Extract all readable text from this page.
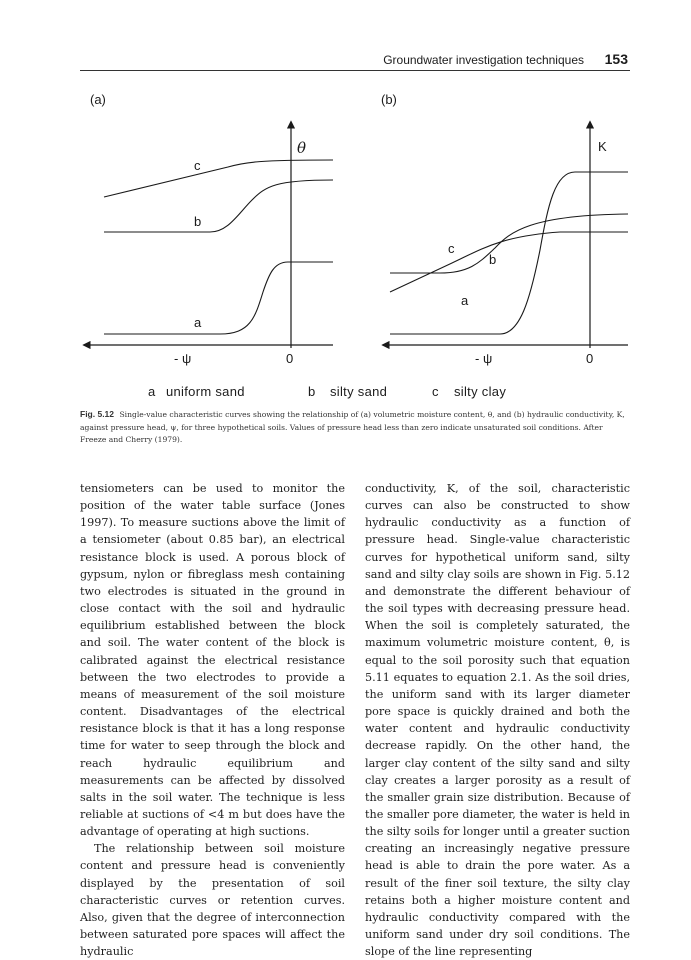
Groundwater investigation techniques 153
(a)	(b)
θ
- ψ	0
K
- ψ	0
c
b
a
c
b
a
a uniform sand	b silty sand	c silty clay
Fig. 5.12 Single-value characteristic curves showing the relationship of (a) volumetric moisture content, θ, and (b) hydraulic conductivity, K, against pressure head, ψ, for three hypothetical soils. Values of pressure head less than zero indicate unsaturated soil conditions. After Freeze and Cherry (1979).

tensiometers can be used to monitor the position of the water table surface (Jones 1997). To measure suctions above the limit of a tensiometer (about 0.85 bar), an electrical resistance block is used. A porous block of gypsum, nylon or fibreglass mesh containing two electrodes is situated in the ground in close contact with the soil and hydraulic equilibrium established between the block and soil. The water content of the block is calibrated against the electrical resistance between the two electrodes to provide a means of measurement of the soil moisture content. Disadvantages of the electrical resistance block is that it has a long response time for water to seep through the block and reach hydraulic equilibrium and measurements can be affected by dissolved salts in the soil water. The technique is less reliable at suctions of <4 m but does have the advantage of operating at high suctions.

The relationship between soil moisture content and pressure head is conveniently displayed by the presentation of soil characteristic curves or retention curves. Also, given that the degree of interconnection between saturated pore spaces will affect the hydraulic

conductivity, K, of the soil, characteristic curves can also be constructed to show hydraulic conductivity as a function of pressure head. Single-value characteristic curves for hypothetical uniform sand, silty sand and silty clay soils are shown in Fig. 5.12 and demonstrate the different behaviour of the soil types with decreasing pressure head. When the soil is completely saturated, the maximum volumetric moisture content, θ, is equal to the soil porosity such that equation 5.11 equates to equation 2.1. As the soil dries, the uniform sand with its larger diameter pore space is quickly drained and both the water content and hydraulic conductivity decrease rapidly. On the other hand, the larger clay content of the silty sand and silty clay creates a larger porosity as a result of the smaller grain size distribution. Because of the smaller pore diameter, the water is held in the silty soils for longer until a greater suction creating an increasingly negative pressure head is able to drain the pore water. As a result of the finer soil texture, the silty clay retains both a higher moisture content and hydraulic conductivity compared with the uniform sand under dry soil conditions. The slope of the line representing
